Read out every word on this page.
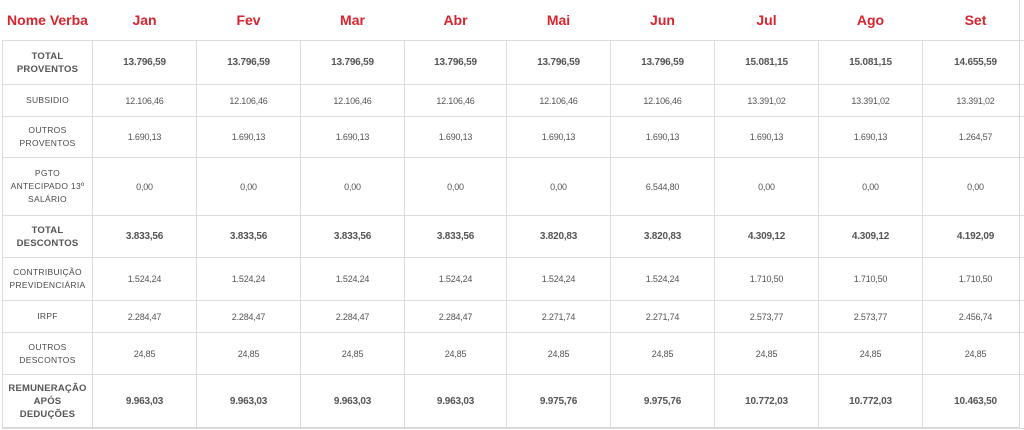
Nome Verba	Jan	Fev	Mar	Abr	Mai	Jun	Jul	Ago	Set
TOTAL PROVENTOS	13.796,59	13.796,59	13.796,59	13.796,59	13.796,59	13.796,59	15.081,15	15.081,15	14.655,59
SUBSIDIO	12.106,46	12.106,46	12.106,46	12.106,46	12.106,46	12.106,46	13.391,02	13.391,02	13.391,02
OUTROS PROVENTOS	1.690,13	1.690,13	1.690,13	1.690,13	1.690,13	1.690,13	1.690,13	1.690,13	1.264,57
PGTO ANTECIPADO 13º SALÁRIO	0,00	0,00	0,00	0,00	0,00	6.544,80	0,00	0,00	0,00
TOTAL DESCONTOS	3.833,56	3.833,56	3.833,56	3.833,56	3.820,83	3.820,83	4.309,12	4.309,12	4.192,09
CONTRIBUIÇÃO PREVIDENCIÁRIA	1.524,24	1.524,24	1.524,24	1.524,24	1.524,24	1.524,24	1.710,50	1.710,50	1.710,50
IRPF	2.284,47	2.284,47	2.284,47	2.284,47	2.271,74	2.271,74	2.573,77	2.573,77	2.456,74
OUTROS DESCONTOS	24,85	24,85	24,85	24,85	24,85	24,85	24,85	24,85	24,85
REMUNERAÇÃO APÓS DEDUÇÕES	9.963,03	9.963,03	9.963,03	9.963,03	9.975,76	9.975,76	10.772,03	10.772,03	10.463,50
